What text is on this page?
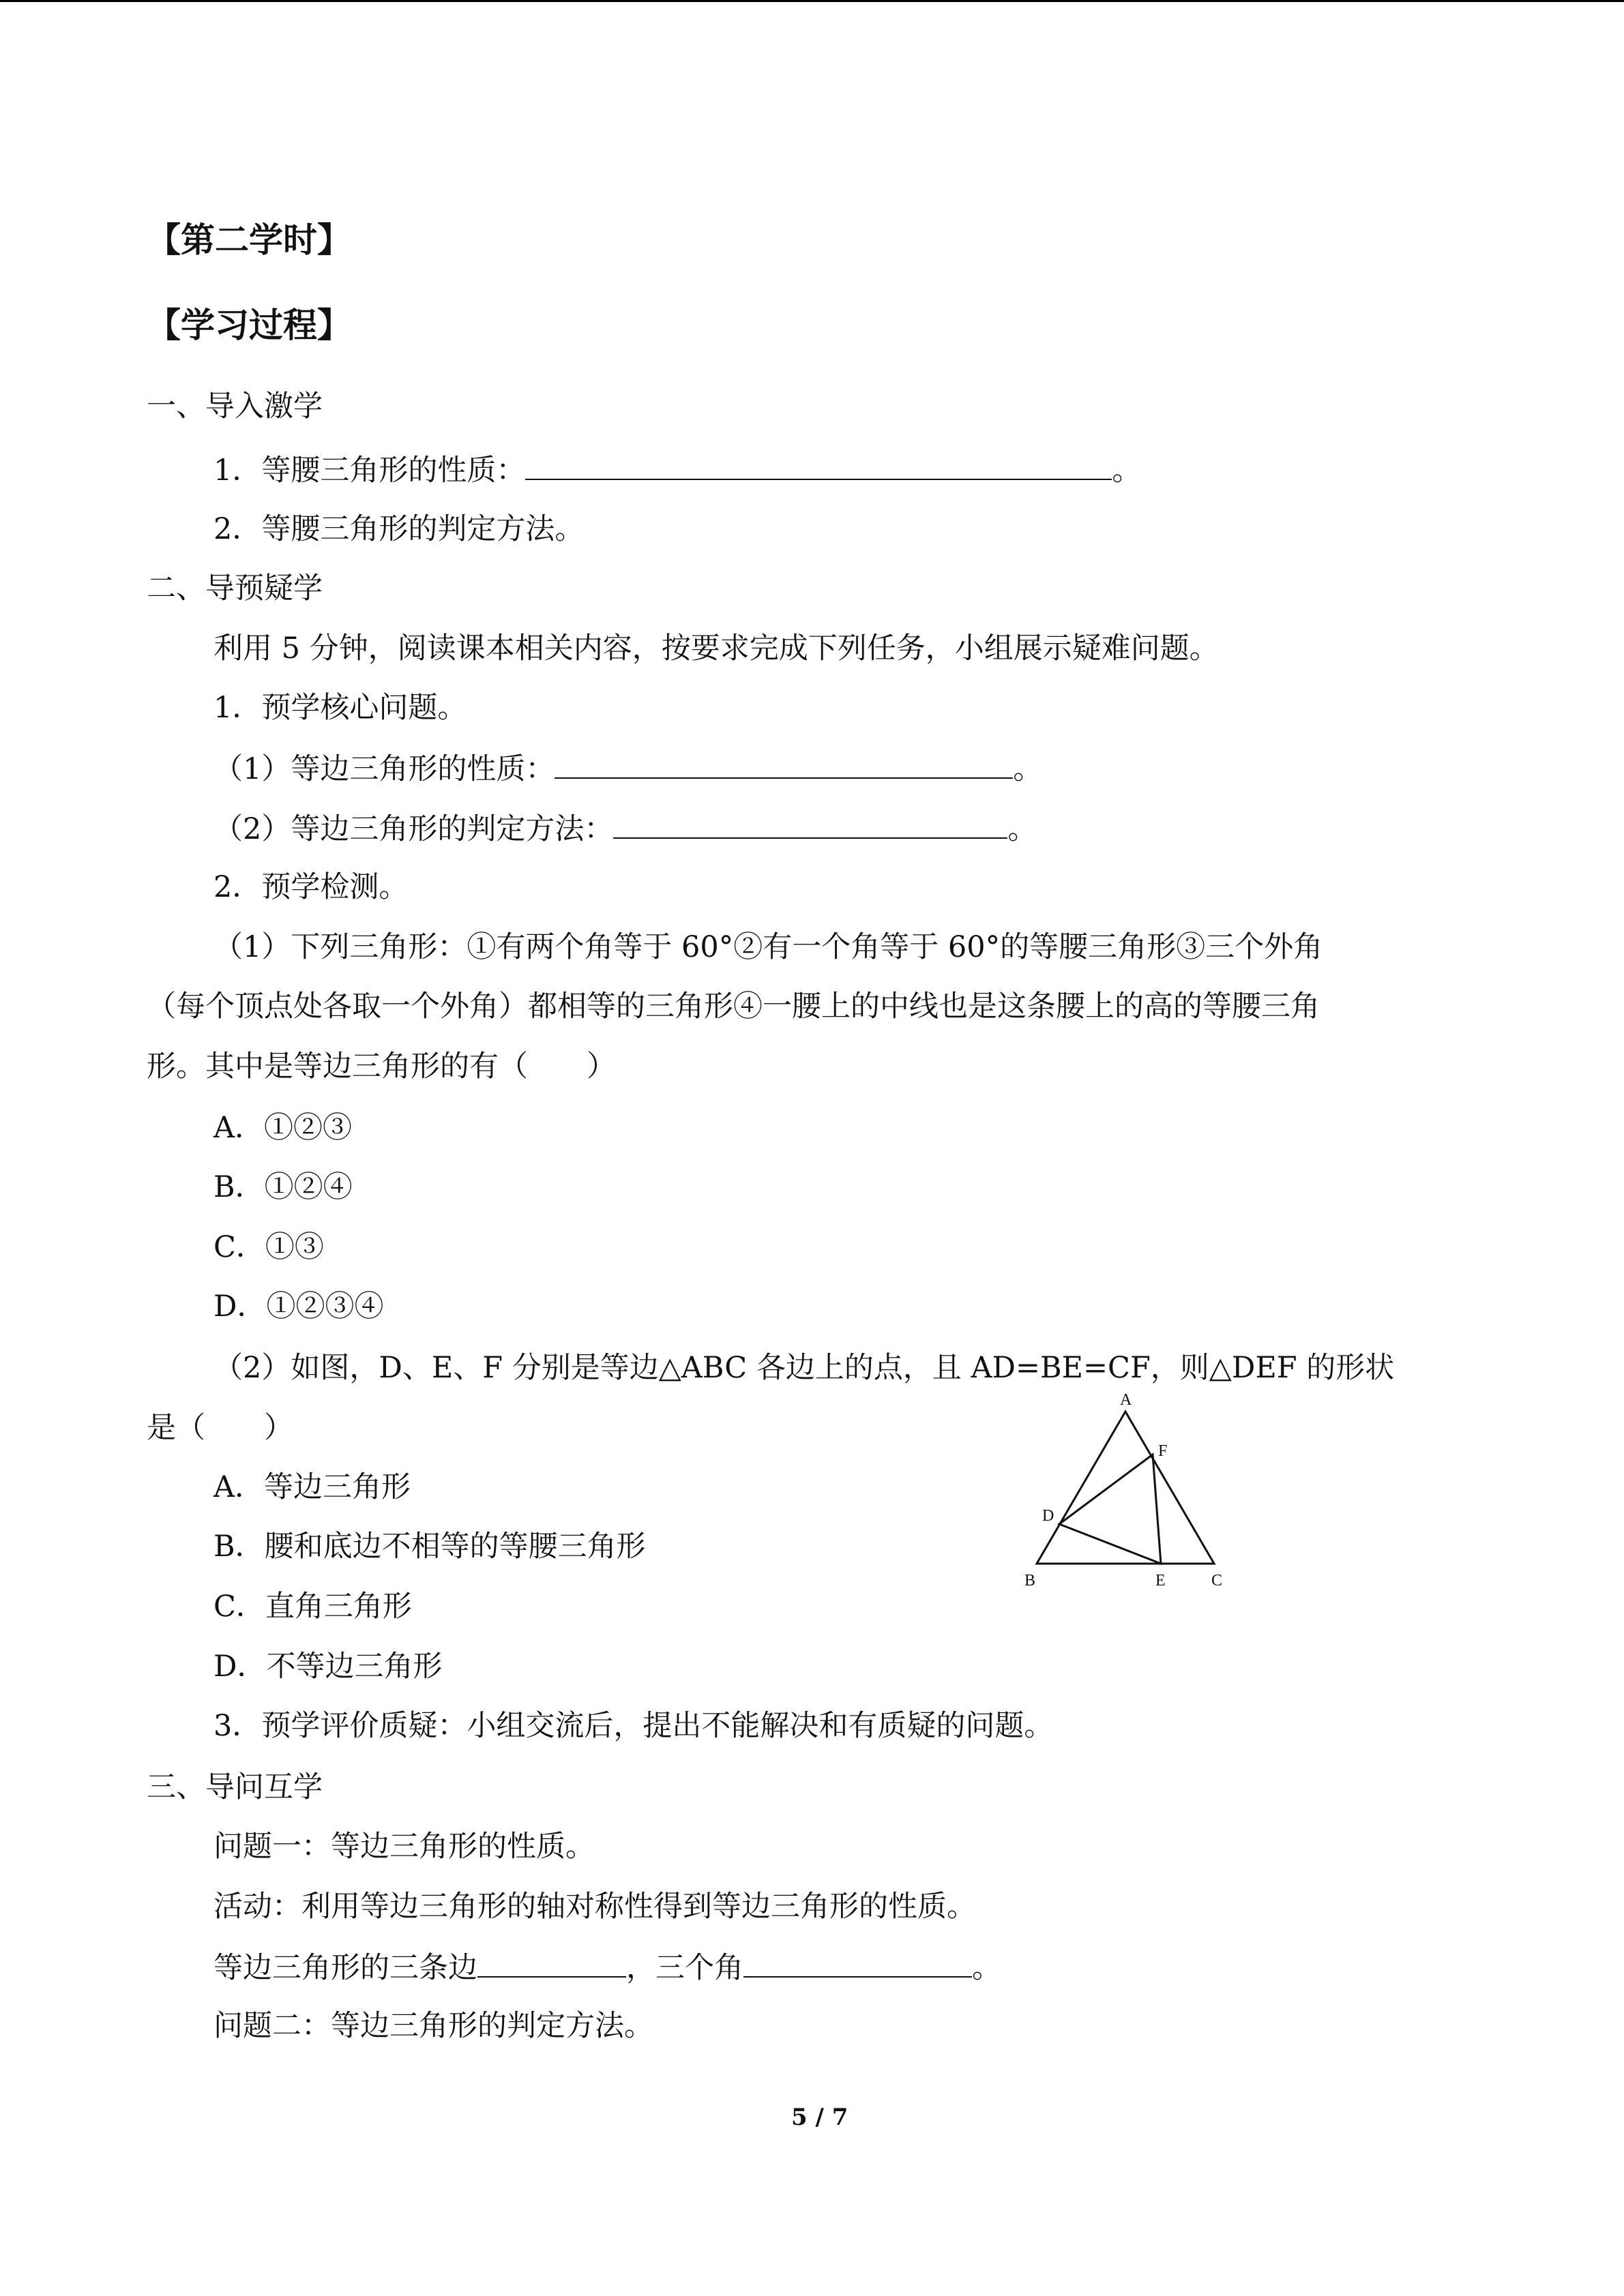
【第二学时】
【学习过程】
一、导入激学
1．等腰三角形的性质：	。
2．等腰三角形的判定方法。
二、导预疑学
利用 5 分钟，阅读课本相关内容，按要求完成下列任务，小组展示疑难问题。
1．预学核心问题。
（1）等边三角形的性质：	。
（2）等边三角形的判定方法：	。
2．预学检测。
（1）下列三角形：①有两个角等于 60°②有一个角等于 60°的等腰三角形③三个外角
（每个顶点处各取一个外角）都相等的三角形④一腰上的中线也是这条腰上的高的等腰三角
形。其中是等边三角形的有（　　）
A．①②③
B．①②④
C．①③
D．①②③④
（2）如图，D、E、F 分别是等边△ABC 各边上的点，且 AD=BE=CF，则△DEF 的形状
是（　　）
A．等边三角形
B．腰和底边不相等的等腰三角形
C．直角三角形
D．不等边三角形
A
F
D
B	E	C
3．预学评价质疑：小组交流后，提出不能解决和有质疑的问题。
三、导问互学
问题一：等边三角形的性质。
活动：利用等边三角形的轴对称性得到等边三角形的性质。
等边三角形的三条边	，三个角	。
问题二：等边三角形的判定方法。
5 / 7
